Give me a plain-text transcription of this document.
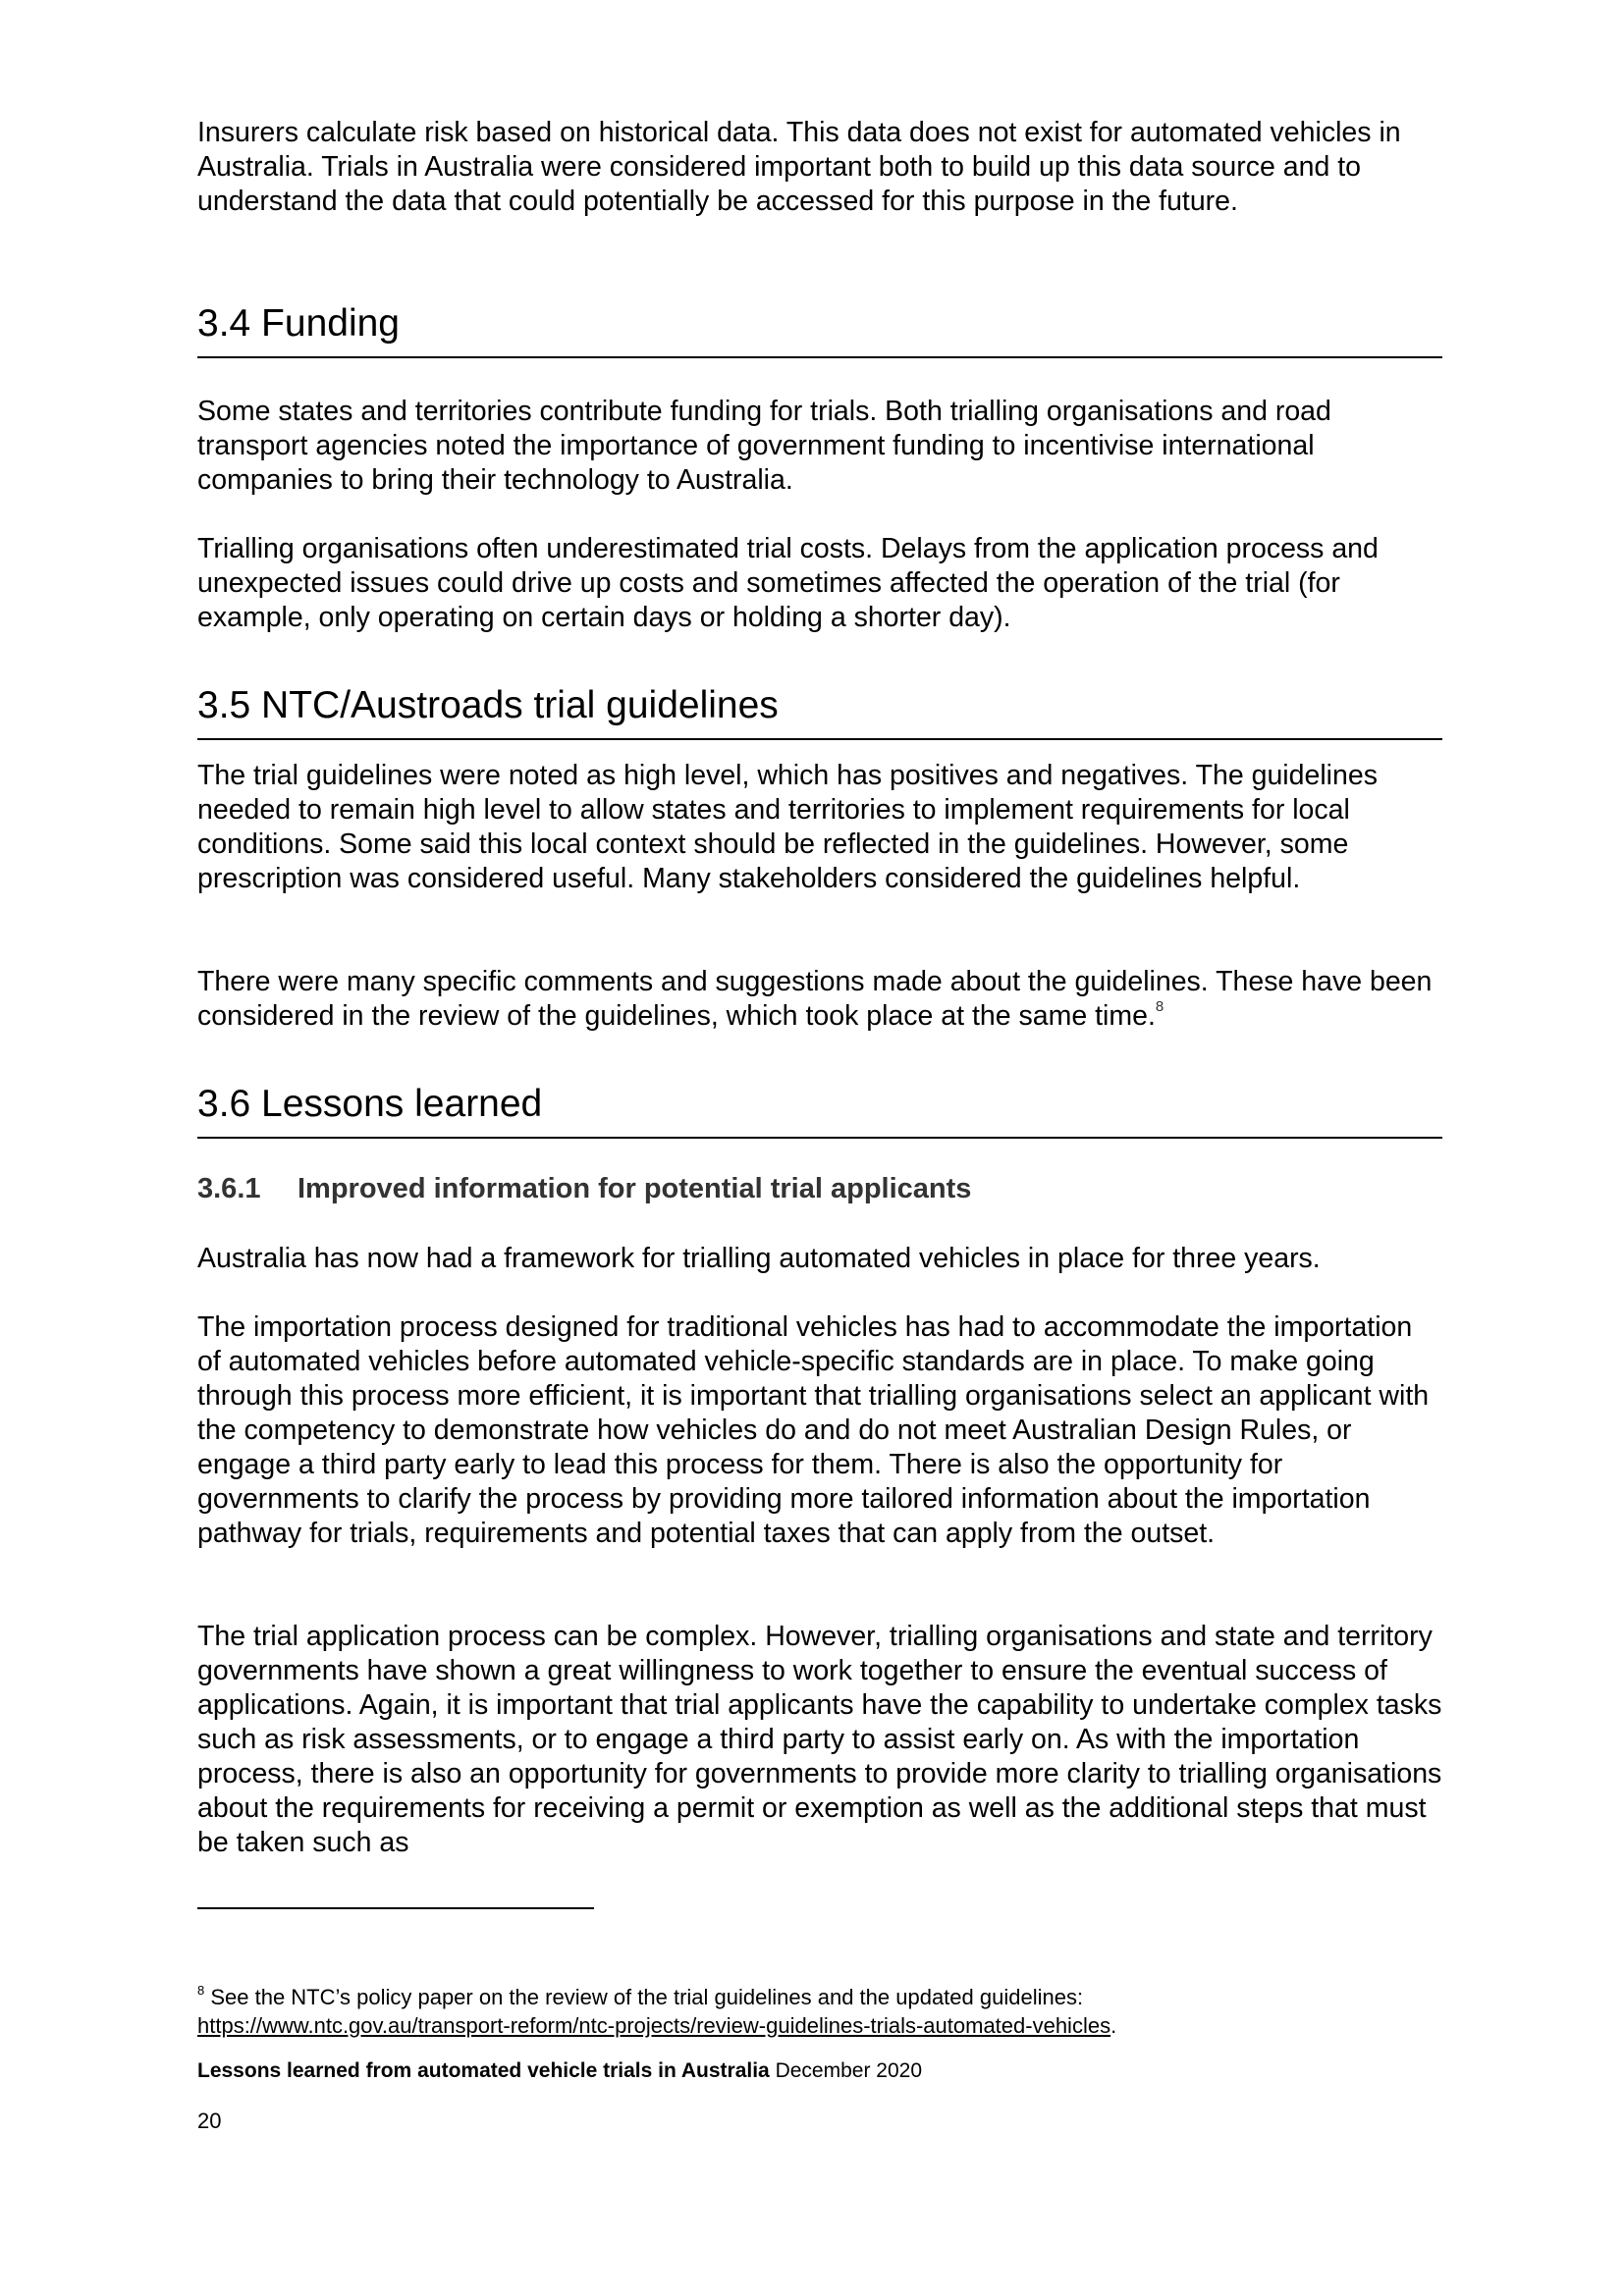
Insurers calculate risk based on historical data. This data does not exist for automated vehicles in Australia. Trials in Australia were considered important both to build up this data source and to understand the data that could potentially be accessed for this purpose in the future.

3.4 Funding

Some states and territories contribute funding for trials. Both trialling organisations and road transport agencies noted the importance of government funding to incentivise international companies to bring their technology to Australia.

Trialling organisations often underestimated trial costs. Delays from the application process and unexpected issues could drive up costs and sometimes affected the operation of the trial (for example, only operating on certain days or holding a shorter day).

3.5 NTC/Austroads trial guidelines

The trial guidelines were noted as high level, which has positives and negatives. The guidelines needed to remain high level to allow states and territories to implement requirements for local conditions. Some said this local context should be reflected in the guidelines. However, some prescription was considered useful. Many stakeholders considered the guidelines helpful.

There were many specific comments and suggestions made about the guidelines. These have been considered in the review of the guidelines, which took place at the same time.$^8$

3.6 Lessons learned
3.6.1 Improved information for potential trial applicants

Australia has now had a framework for trialling automated vehicles in place for three years.

The importation process designed for traditional vehicles has had to accommodate the importation of automated vehicles before automated vehicle-specific standards are in place. To make going through this process more efficient, it is important that trialling organisations select an applicant with the competency to demonstrate how vehicles do and do not meet Australian Design Rules, or engage a third party early to lead this process for them. There is also the opportunity for governments to clarify the process by providing more tailored information about the importation pathway for trials, requirements and potential taxes that can apply from the outset.

The trial application process can be complex. However, trialling organisations and state and territory governments have shown a great willingness to work together to ensure the eventual success of applications. Again, it is important that trial applicants have the capability to undertake complex tasks such as risk assessments, or to engage a third party to assist early on. As with the importation process, there is also an opportunity for governments to provide more clarity to trialling organisations about the requirements for receiving a permit or exemption as well as the additional steps that must be taken such as

$^8$ See the NTC’s policy paper on the review of the trial guidelines and the updated guidelines:
https://www.ntc.gov.au/transport-reform/ntc-projects/review-guidelines-trials-automated-vehicles.
Lessons learned from automated vehicle trials in Australia December 2020
20
